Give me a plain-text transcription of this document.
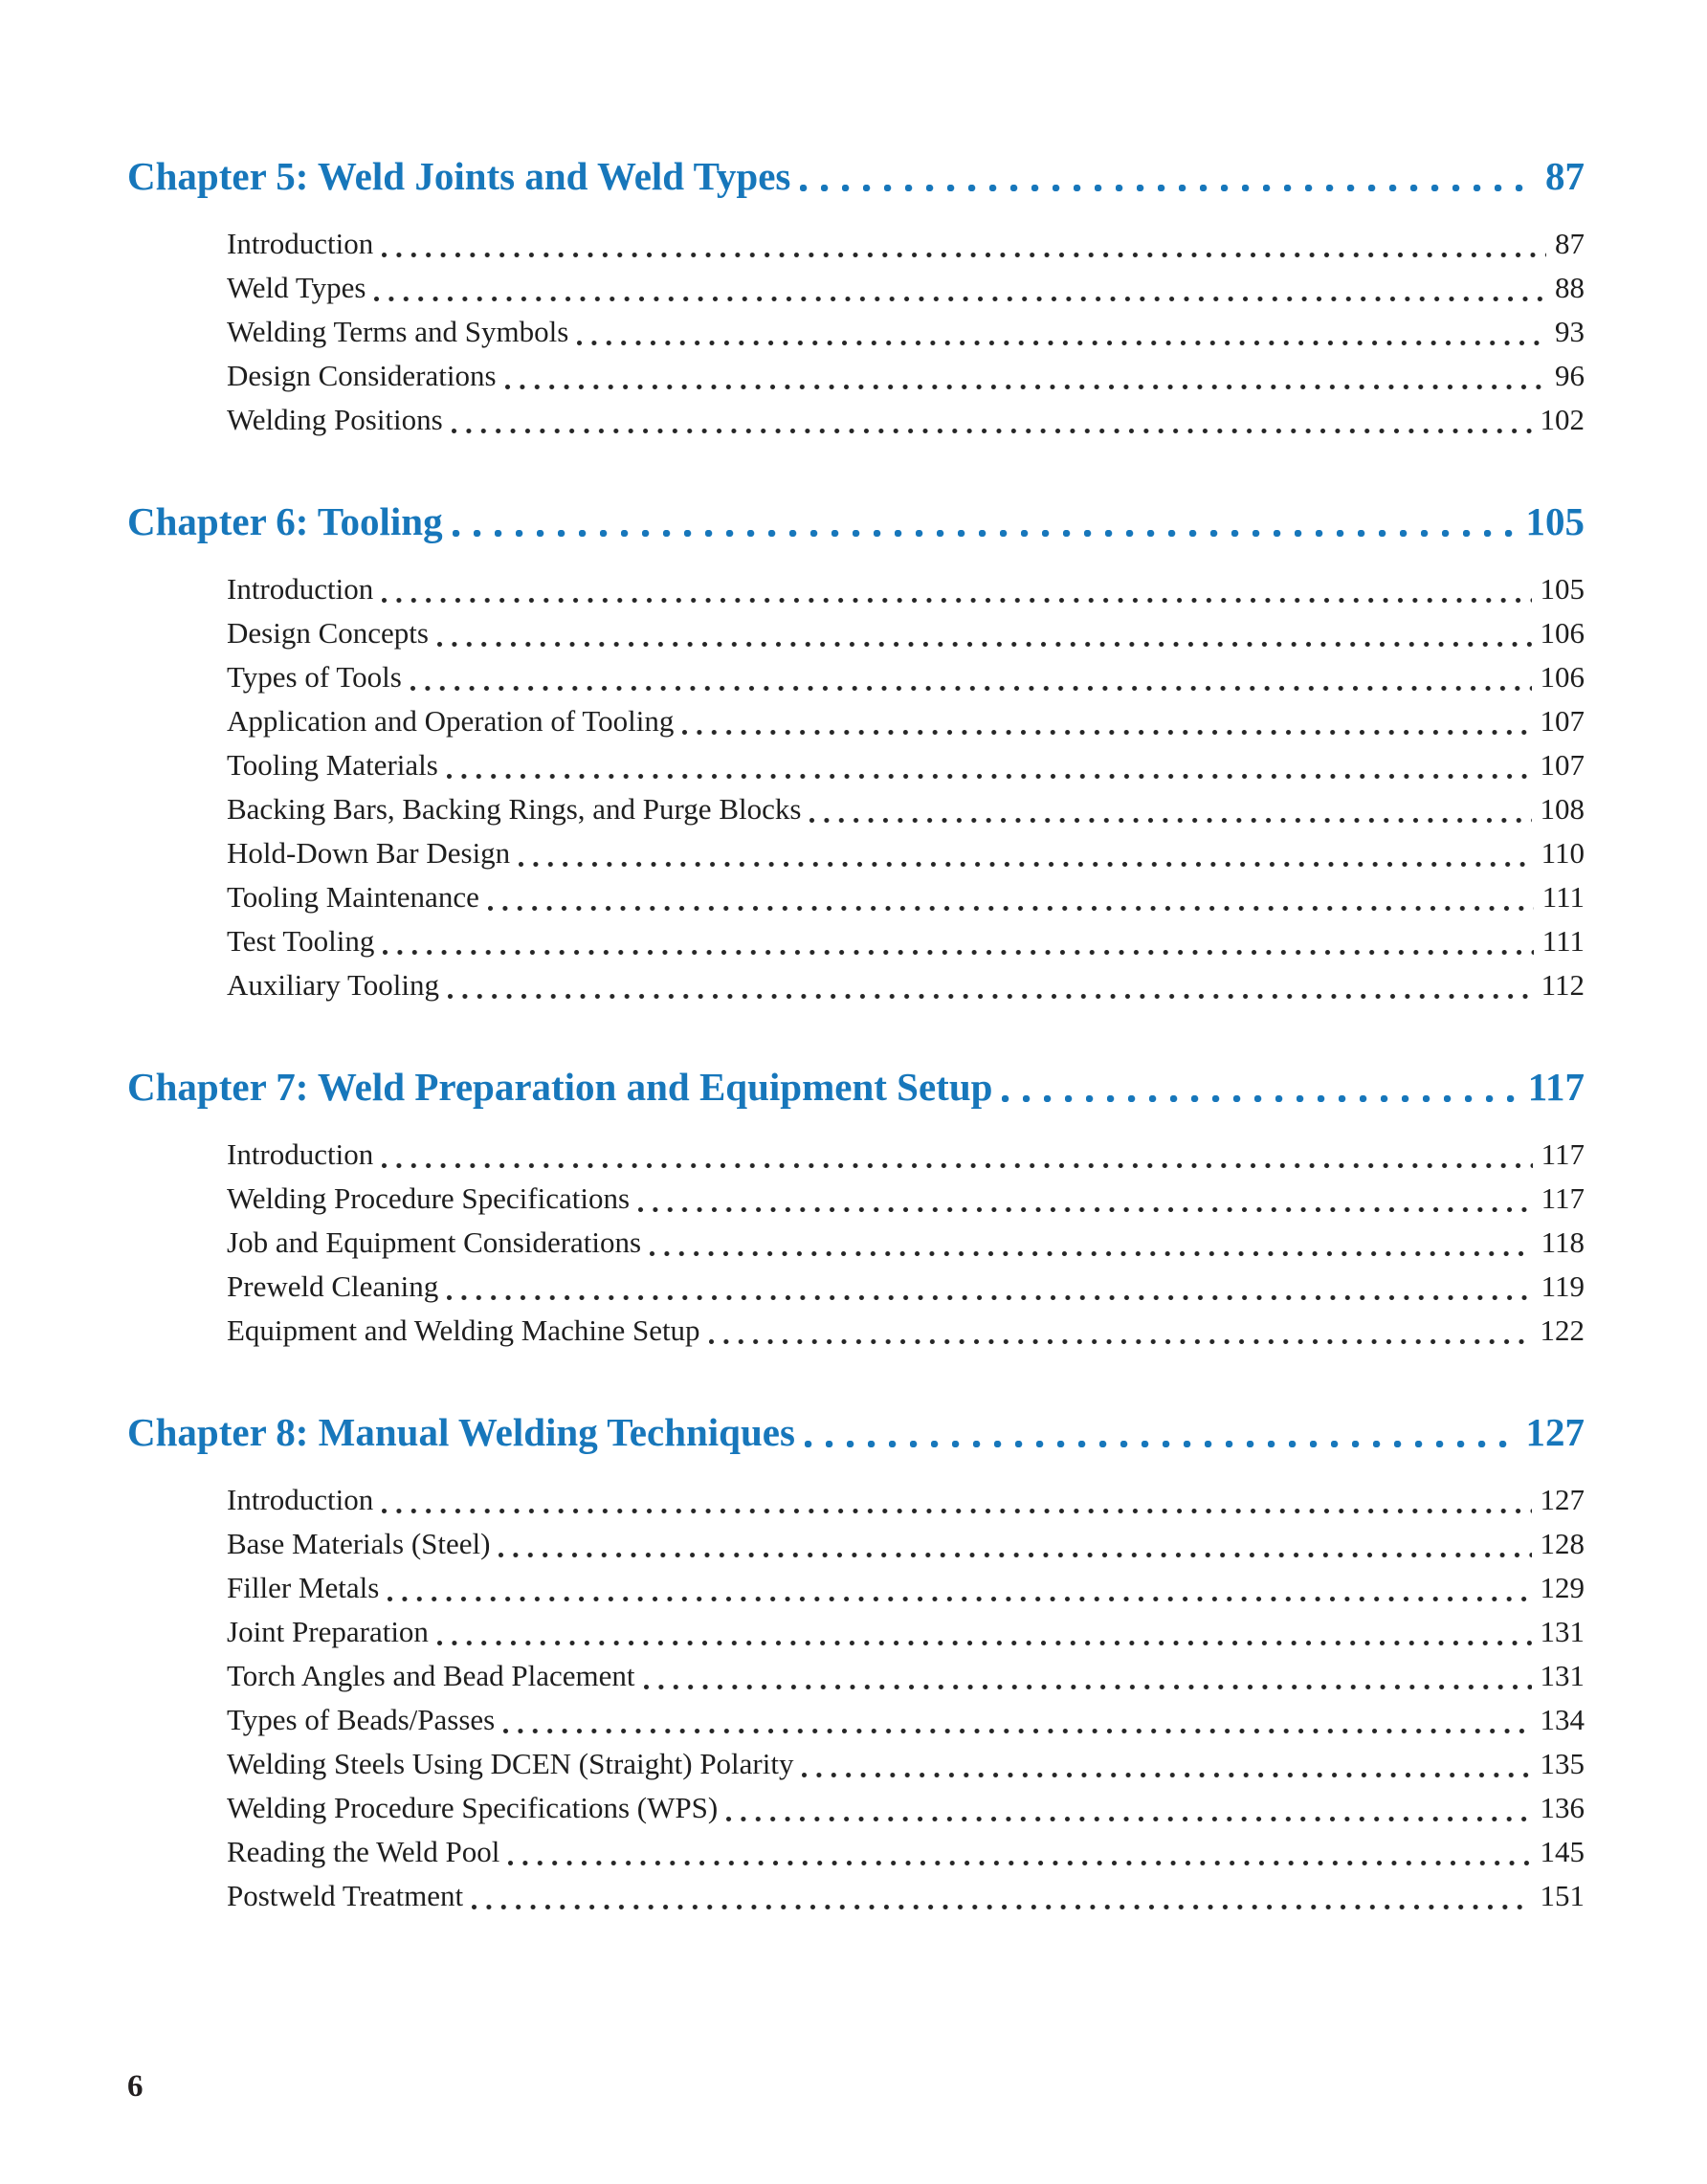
Chapter 5: Weld Joints and Weld Types	87
Introduction	87
Weld Types	88
Welding Terms and Symbols	93
Design Considerations	96
Welding Positions	102
Chapter 6: Tooling	105
Introduction	105
Design Concepts	106
Types of Tools	106
Application and Operation of Tooling	107
Tooling Materials	107
Backing Bars, Backing Rings, and Purge Blocks	108
Hold-Down Bar Design	110
Tooling Maintenance	111
Test Tooling	111
Auxiliary Tooling	112
Chapter 7: Weld Preparation and Equipment Setup	117
Introduction	117
Welding Procedure Specifications	117
Job and Equipment Considerations	118
Preweld Cleaning	119
Equipment and Welding Machine Setup	122
Chapter 8: Manual Welding Techniques	127
Introduction	127
Base Materials (Steel)	128
Filler Metals	129
Joint Preparation	131
Torch Angles and Bead Placement	131
Types of Beads/Passes	134
Welding Steels Using DCEN (Straight) Polarity	135
Welding Procedure Specifications (WPS)	136
Reading the Weld Pool	145
Postweld Treatment	151
6
